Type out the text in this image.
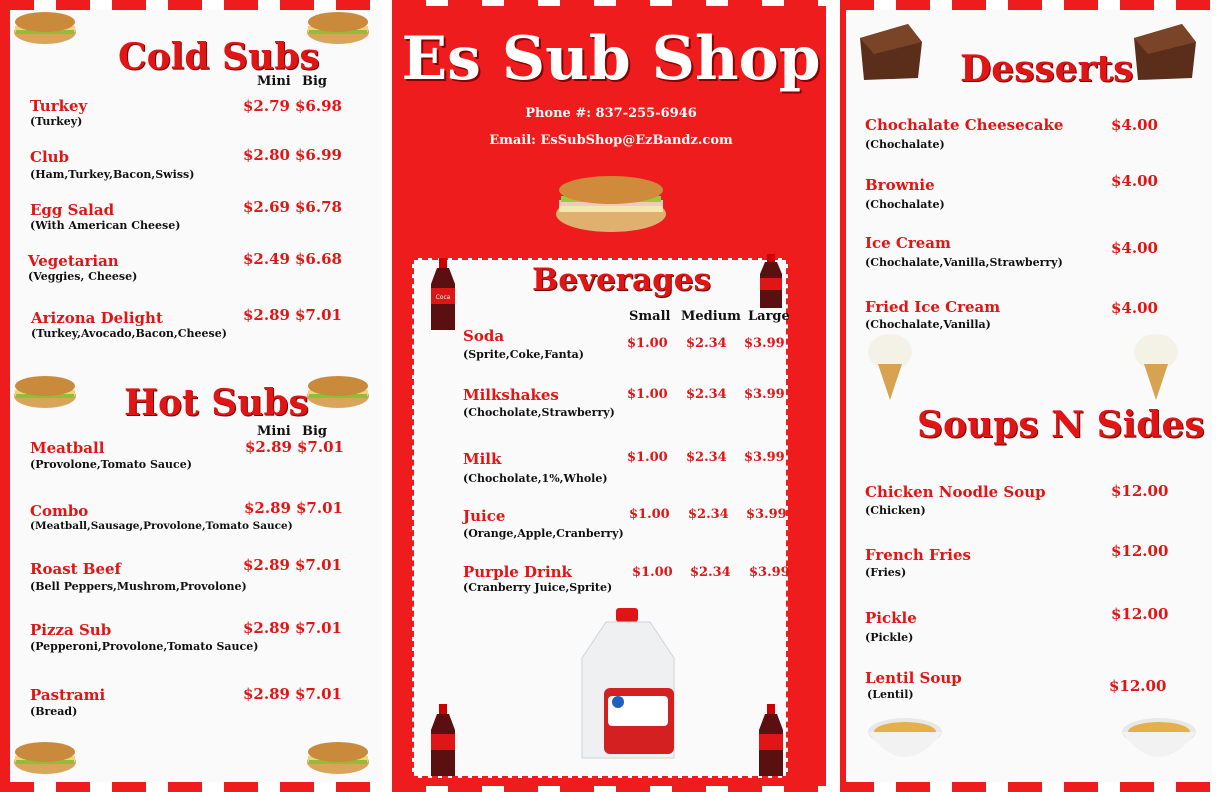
Cold Subs
Mini Big
Turkey
(Turkey)
$2.79 $6.98
Club
(Ham,Turkey,Bacon,Swiss)
$2.80 $6.99
Egg Salad
(With American Cheese)
$2.69 $6.78
Vegetarian
(Veggies, Cheese)
$2.49 $6.68
Arizona Delight
(Turkey,Avocado,Bacon,Cheese)
$2.89 $7.01
Hot Subs
Mini Big
Meatball
(Provolone,Tomato Sauce)
$2.89 $7.01
Combo
(Meatball,Sausage,Provolone,Tomato Sauce)
$2.89 $7.01
Roast Beef
(Bell Peppers,Mushrom,Provolone)
$2.89 $7.01
Pizza Sub
(Pepperoni,Provolone,Tomato Sauce)
$2.89 $7.01
Pastrami
(Bread)
$2.89 $7.01
Es Sub Shop
Phone #: 837-255-6946
Email: EsSubShop@EzBandz.com
Coca	Beverages
Small Medium Large
Soda
(Sprite,Coke,Fanta)
$1.00 $2.34 $3.99
Milkshakes
(Chocholate,Strawberry)
$1.00 $2.34 $3.99
Milk
(Chocholate,1%,Whole)
$1.00 $2.34 $3.99
Juice
(Orange,Apple,Cranberry)
$1.00 $2.34 $3.99
Purple Drink
(Cranberry Juice,Sprite)
$1.00 $2.34 $3.99
Desserts
Chochalate Cheesecake
(Chochalate)
$4.00
Brownie
(Chochalate)
$4.00
Ice Cream
(Chochalate,Vanilla,Strawberry)
$4.00
Fried Ice Cream
(Chochalate,Vanilla)
$4.00
Soups N Sides
Chicken Noodle Soup
(Chicken)
$12.00
French Fries
(Fries)
$12.00
Pickle
(Pickle)
$12.00
Lentil Soup
(Lentil)	$12.00
